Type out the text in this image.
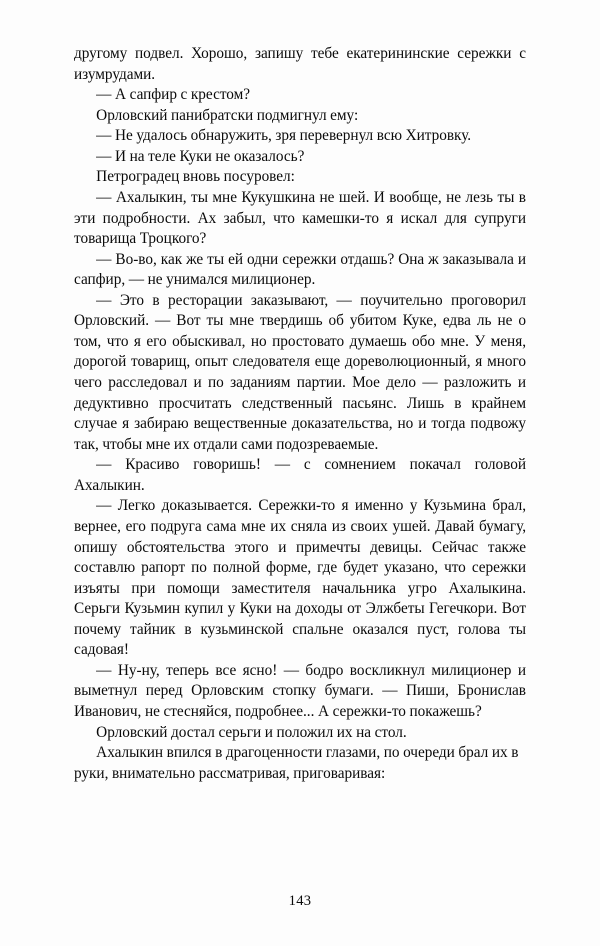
другому подвел. Хорошо, запишу тебе екатерининские сережки с изумрудами.

— А сапфир с крестом?

Орловский панибратски подмигнул ему:

— Не удалось обнаружить, зря перевернул всю Хитровку.

— И на теле Куки не оказалось?

Петроградец вновь посуровел:

— Ахалыкин, ты мне Кукушкина не шей. И вообще, не лезь ты в эти подробности. Ах забыл, что камешки-то я искал для супруги товарища Троцкого?

— Во-во, как же ты ей одни сережки отдашь? Она ж заказывала и сапфир, — не унимался милиционер.

— Это в ресторации заказывают, — поучительно проговорил Орловский. — Вот ты мне твердишь об убитом Куке, едва ль не о том, что я его обыскивал, но простовато думаешь обо мне. У меня, дорогой товарищ, опыт следователя еще дореволюционный, я много чего расследовал и по заданиям партии. Мое дело — разложить и дедуктивно просчитать следственный пасьянс. Лишь в крайнем случае я забираю вещественные доказательства, но и тогда подвожу так, чтобы мне их отдали сами подозреваемые.

— Красиво говоришь! — с сомнением покачал головой Ахалыкин.

— Легко доказывается. Сережки-то я именно у Кузьмина брал, вернее, его подруга сама мне их сняла из своих ушей. Давай бумагу, опишу обстоятельства этого и примечты девицы. Сейчас также составлю рапорт по полной форме, где будет указано, что сережки изъяты при помощи заместителя начальника угро Ахалыкина. Серьги Кузьмин купил у Куки на доходы от Элжбеты Гегечкори. Вот почему тайник в кузьминской спальне оказался пуст, голова ты садовая!

— Ну-ну, теперь все ясно! — бодро воскликнул милиционер и выметнул перед Орловским стопку бумаги. — Пиши, Бронислав Иванович, не стесняйся, подробнее... А сережки-то покажешь?

Орловский достал серьги и положил их на стол.

Ахалыкин впился в драгоценности глазами, по очереди брал их в руки, внимательно рассматривая, приговаривая:

143
